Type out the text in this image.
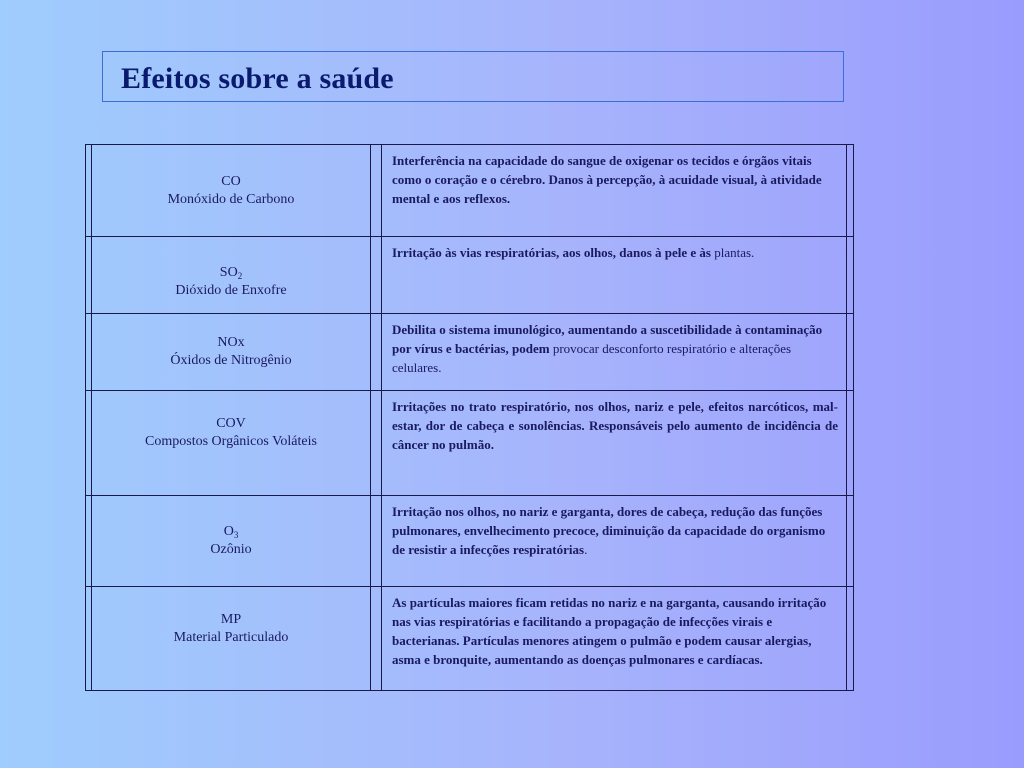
Efeitos sobre a saúde
CO
Monóxido de Carbono
Interferência na capacidade do sangue de oxigenar os tecidos e órgãos vitais como o coração e o cérebro. Danos à percepção, à acuidade visual, à atividade mental e aos reflexos.
$SO_2$
Dióxido de Enxofre
Irritação às vias respiratórias, aos olhos, danos à pele e às plantas.
NOx
Óxidos de Nitrogênio
Debilita o sistema imunológico, aumentando a suscetibilidade à contaminação por vírus e bactérias, podem provocar desconforto respiratório e alterações celulares.
COV
Compostos Orgânicos Voláteis
Irritações no trato respiratório, nos olhos, nariz e pele, efeitos narcóticos, mal-estar, dor de cabeça e sonolências. Responsáveis pelo aumento de incidência de câncer no pulmão.
$O_3$
Ozônio
Irritação nos olhos, no nariz e garganta, dores de cabeça, redução das funções pulmonares, envelhecimento precoce, diminuição da capacidade do organismo de resistir a infecções respiratórias.
MP
Material Particulado
As partículas maiores ficam retidas no nariz e na garganta, causando irritação nas vias respiratórias e facilitando a propagação de infecções virais e bacterianas. Partículas menores atingem o pulmão e podem causar alergias, asma e bronquite, aumentando as doenças pulmonares e cardíacas.
